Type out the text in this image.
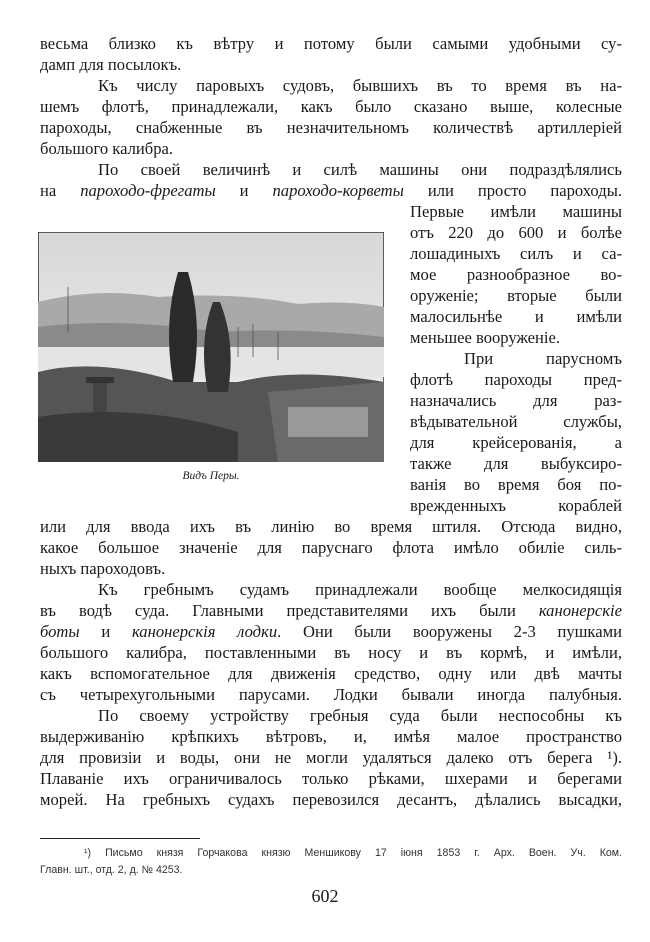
весьма близко къ вѣтру и потому были самыми удобными су-
дамп для посылокъ.
Къ числу паровыхъ судовъ, бывшихъ въ то время въ на-
шемъ флотѣ, принадлежали, какъ было сказано выше, колесные
пароходы, снабженные въ незначительномъ количествѣ артиллеріей
большого калибра.
По своей величинѣ и силѣ машины они подраздѣлялись
на пароходо-фрегаты и пароходо-корветы или просто пароходы.
Первые имѣли машины
отъ 220 до 600 и болѣе
лошадиныхъ силъ и са-
мое разнообразное во-
оруженіе; вторые были
малосильнѣе и имѣли
меньшее вооруженіе.
При парусномъ
флотѣ пароходы пред-
назначались для раз-
вѣдывательной службы,
для крейсерованія, а
также для выбуксиро-
ванія во время боя по-
врежденныхъ кораблей
или для ввода ихъ въ линію во время штиля. Отсюда видно,
какое большое значеніе для паруснаго флота имѣло обиліе силь-
ныхъ пароходовъ.
Къ гребнымъ судамъ принадлежали вообще мелкосидящія
въ водѣ суда. Главными представителями ихъ были канонерскіе
боты и канонерскія лодки. Они были вооружены 2-3 пушками
большого калибра, поставленными въ носу и въ кормѣ, и имѣли,
какъ вспомогательное для движенія средство, одну или двѣ мачты
съ четырехугольными парусами. Лодки бывали иногда палубныя.
По своему устройству гребныя суда были неспособны къ
выдерживанію крѣпкихъ вѣтровъ, и, имѣя малое пространство
для провизіи и воды, они не могли удаляться далеко отъ берега ¹).
Плаваніе ихъ ограничивалось только рѣками, шхерами и берегами
морей. На гребныхъ судахъ перевозился десантъ, дѣлались высадки,
Видъ Перы.
¹) Письмо князя Горчакова князю Меншикову 17 іюня 1853 г. Арх. Воен. Уч. Ком.
Главн. шт., отд. 2, д. № 4253.
602
